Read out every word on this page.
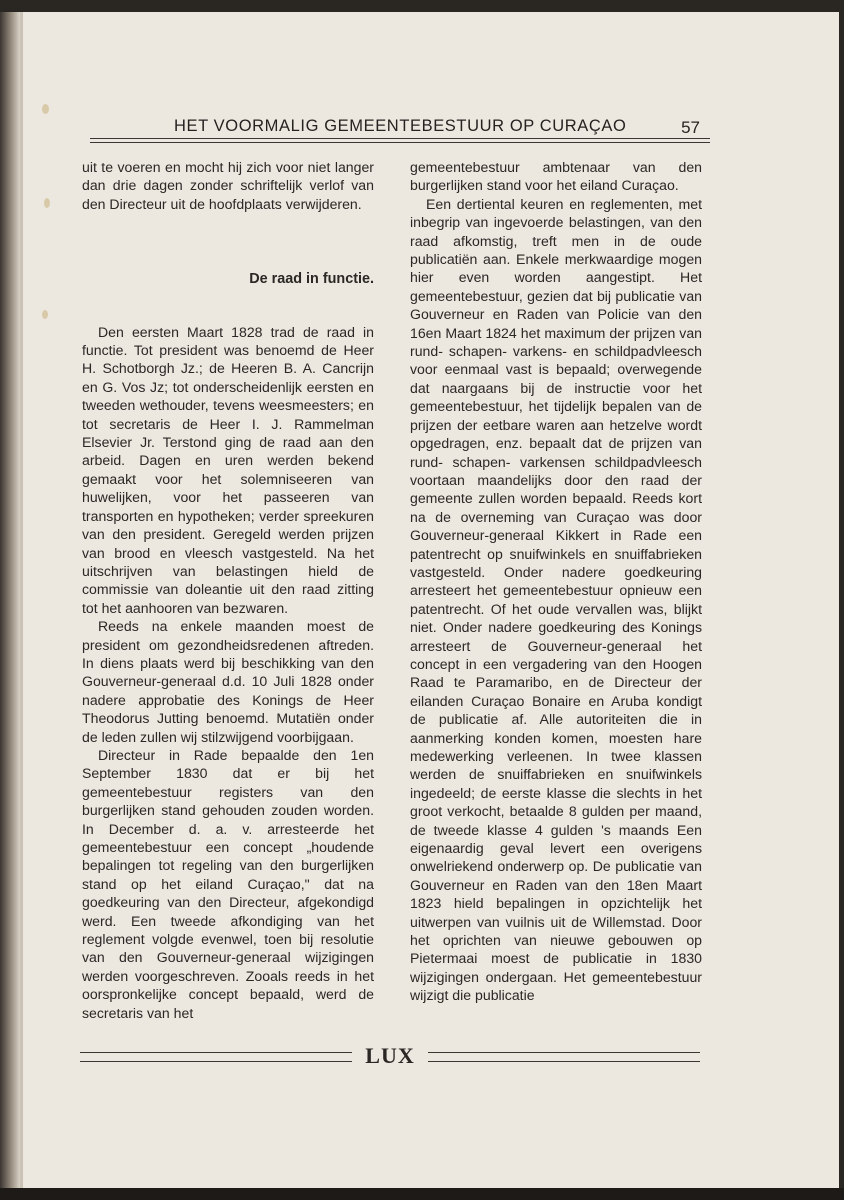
HET VOORMALIG GEMEENTEBESTUUR OP CURAÇAO	57

uit te voeren en mocht hij zich voor niet langer dan drie dagen zonder schriftelijk verlof van den Directeur uit de hoofdplaats verwijderen.

De raad in functie.

Den eersten Maart 1828 trad de raad in functie. Tot president was benoemd de Heer H. Schotborgh Jz.; de Heeren B. A. Cancrijn en G. Vos Jz; tot onderscheidenlijk eersten en tweeden wethouder, tevens weesmeesters; en tot secretaris de Heer I. J. Rammelman Elsevier Jr. Terstond ging de raad aan den arbeid. Dagen en uren werden bekend gemaakt voor het solemniseeren van huwelijken, voor het passeeren van transporten en hypotheken; verder spreekuren van den president. Geregeld werden prijzen van brood en vleesch vastgesteld. Na het uitschrijven van belastingen hield de commissie van doleantie uit den raad zitting tot het aanhooren van bezwaren.

Reeds na enkele maanden moest de president om gezondheidsredenen aftreden. In diens plaats werd bij beschikking van den Gouverneur-generaal d.d. 10 Juli 1828 onder nadere approbatie des Konings de Heer Theodorus Jutting benoemd. Mutatiën onder de leden zullen wij stilzwijgend voorbijgaan.

Directeur in Rade bepaalde den 1en September 1830 dat er bij het gemeentebestuur registers van den burgerlijken stand gehouden zouden worden. In December d. a. v. arresteerde het gemeentebestuur een concept „houdende bepalingen tot regeling van den burgerlijken stand op het eiland Curaçao," dat na goedkeuring van den Directeur, afgekondigd werd. Een tweede afkondiging van het reglement volgde evenwel, toen bij resolutie van den Gouverneur-generaal wijzigingen werden voorgeschreven. Zooals reeds in het oorspronkelijke concept bepaald, werd de secretaris van het

gemeentebestuur ambtenaar van den burgerlijken stand voor het eiland Curaçao.

Een dertiental keuren en reglementen, met inbegrip van ingevoerde belastingen, van den raad afkomstig, treft men in de oude publicatiën aan. Enkele merkwaardige mogen hier even worden aangestipt. Het gemeentebestuur, gezien dat bij publicatie van Gouverneur en Raden van Policie van den 16en Maart 1824 het maximum der prijzen van rund- schapen- varkens- en schildpadvleesch voor eenmaal vast is bepaald; overwegende dat naargaans bij de instructie voor het gemeentebestuur, het tijdelijk bepalen van de prijzen der eetbare waren aan hetzelve wordt opgedragen, enz. bepaalt dat de prijzen van rund- schapen- varkensen schildpadvleesch voortaan maandelijks door den raad der gemeente zullen worden bepaald. Reeds kort na de overneming van Curaçao was door Gouverneur-generaal Kikkert in Rade een patentrecht op snuifwinkels en snuiffabrieken vastgesteld. Onder nadere goedkeuring arresteert het gemeentebestuur opnieuw een patentrecht. Of het oude vervallen was, blijkt niet. Onder nadere goedkeuring des Konings arresteert de Gouverneur-generaal het concept in een vergadering van den Hoogen Raad te Paramaribo, en de Directeur der eilanden Curaçao Bonaire en Aruba kondigt de publicatie af. Alle autoriteiten die in aanmerking konden komen, moesten hare medewerking verleenen. In twee klassen werden de snuiffabrieken en snuifwinkels ingedeeld; de eerste klasse die slechts in het groot verkocht, betaalde 8 gulden per maand, de tweede klasse 4 gulden 's maands Een eigenaardig geval levert een overigens onwelriekend onderwerp op. De publicatie van Gouverneur en Raden van den 18en Maart 1823 hield bepalingen in opzichtelijk het uitwerpen van vuilnis uit de Willemstad. Door het oprichten van nieuwe gebouwen op Pietermaai moest de publicatie in 1830 wijzigingen ondergaan. Het gemeentebestuur wijzigt die publicatie

LUX
